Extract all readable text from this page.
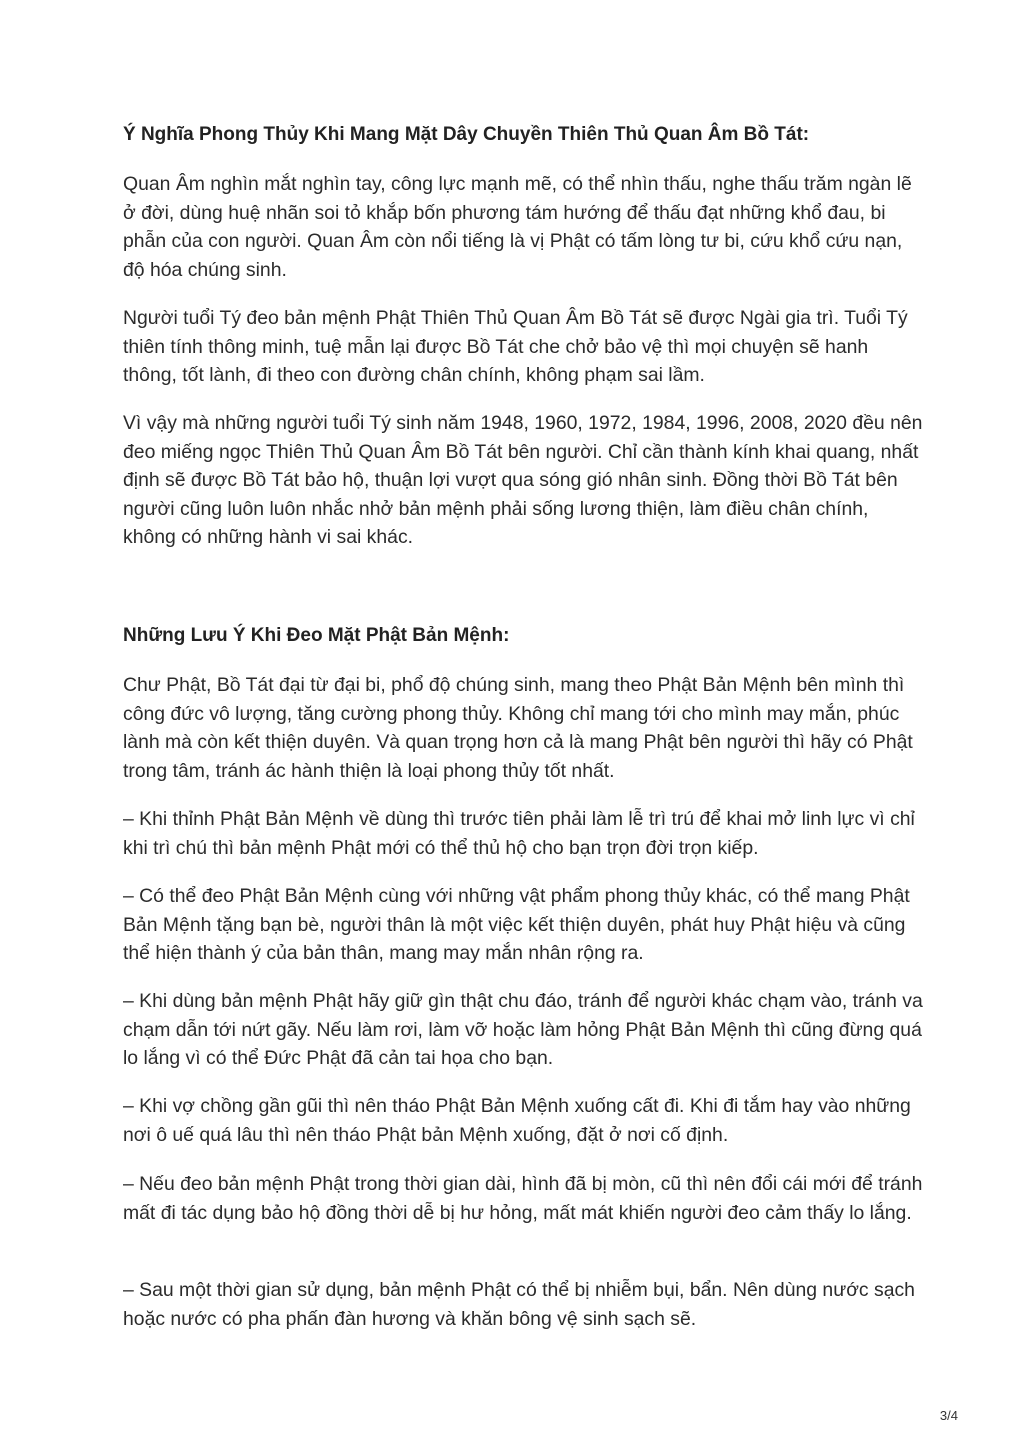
Ý Nghĩa Phong Thủy Khi Mang Mặt Dây Chuyền Thiên Thủ Quan Âm Bồ Tát:

Quan Âm nghìn mắt nghìn tay, công lực mạnh mẽ, có thể nhìn thấu, nghe thấu trăm ngàn lẽ ở đời, dùng huệ nhãn soi tỏ khắp bốn phương tám hướng để thấu đạt những khổ đau, bi phẫn của con người. Quan Âm còn nổi tiếng là vị Phật có tấm lòng tư bi, cứu khổ cứu nạn, độ hóa chúng sinh.

Người tuổi Tý đeo bản mệnh Phật Thiên Thủ Quan Âm Bồ Tát sẽ được Ngài gia trì. Tuổi Tý thiên tính thông minh, tuệ mẫn lại được Bồ Tát che chở bảo vệ thì mọi chuyện sẽ hanh thông, tốt lành, đi theo con đường chân chính, không phạm sai lầm.

Vì vậy mà những người tuổi Tý sinh năm 1948, 1960, 1972, 1984, 1996, 2008, 2020 đều nên đeo miếng ngọc Thiên Thủ Quan Âm Bồ Tát bên người. Chỉ cần thành kính khai quang, nhất định sẽ được Bồ Tát bảo hộ, thuận lợi vượt qua sóng gió nhân sinh. Đồng thời Bồ Tát bên người cũng luôn luôn nhắc nhở bản mệnh phải sống lương thiện, làm điều chân chính, không có những hành vi sai khác.

Những Lưu Ý Khi Đeo Mặt Phật Bản Mệnh:

Chư Phật, Bồ Tát đại từ đại bi, phổ độ chúng sinh, mang theo Phật Bản Mệnh bên mình thì công đức vô lượng, tăng cường phong thủy. Không chỉ mang tới cho mình may mắn, phúc lành mà còn kết thiện duyên. Và quan trọng hơn cả là mang Phật bên người thì hãy có Phật trong tâm, tránh ác hành thiện là loại phong thủy tốt nhất.

– Khi thỉnh Phật Bản Mệnh về dùng thì trước tiên phải làm lễ trì trú để khai mở linh lực vì chỉ khi trì chú thì bản mệnh Phật mới có thể thủ hộ cho bạn trọn đời trọn kiếp.

– Có thể đeo Phật Bản Mệnh cùng với những vật phẩm phong thủy khác, có thể mang Phật Bản Mệnh tặng bạn bè, người thân là một việc kết thiện duyên, phát huy Phật hiệu và cũng thể hiện thành ý của bản thân, mang may mắn nhân rộng ra.

– Khi dùng bản mệnh Phật hãy giữ gìn thật chu đáo, tránh để người khác chạm vào, tránh va chạm dẫn tới nứt gãy. Nếu làm rơi, làm vỡ hoặc làm hỏng Phật Bản Mệnh thì cũng đừng quá lo lắng vì có thể Đức Phật đã cản tai họa cho bạn.

– Khi vợ chồng gần gũi thì nên tháo Phật Bản Mệnh xuống cất đi. Khi đi tắm hay vào những nơi ô uế quá lâu thì nên tháo Phật bản Mệnh xuống, đặt ở nơi cố định.

– Nếu đeo bản mệnh Phật trong thời gian dài, hình đã bị mòn, cũ thì nên đổi cái mới để tránh mất đi tác dụng bảo hộ đồng thời dễ bị hư hỏng, mất mát khiến người đeo cảm thấy lo lắng.

– Sau một thời gian sử dụng, bản mệnh Phật có thể bị nhiễm bụi, bẩn. Nên dùng nước sạch hoặc nước có pha phấn đàn hương và khăn bông vệ sinh sạch sẽ.

3/4
